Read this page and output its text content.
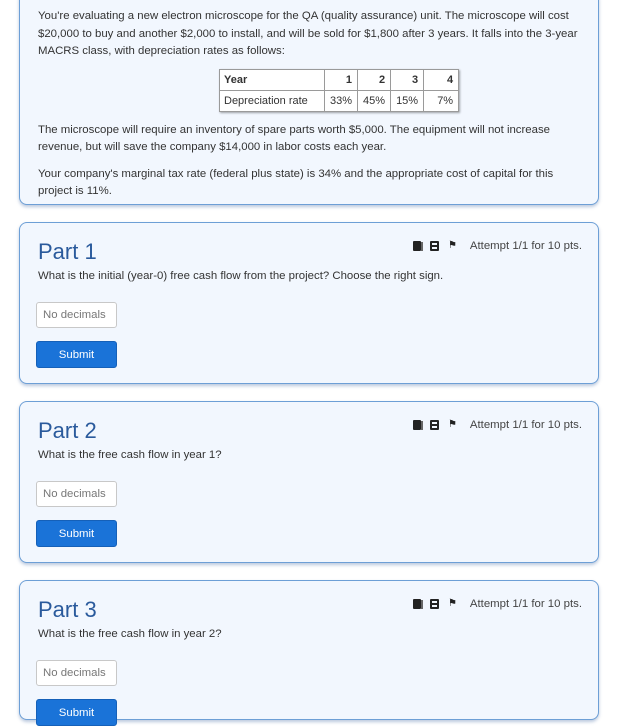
You're evaluating a new electron microscope for the QA (quality assurance) unit. The microscope will cost $20,000 to buy and another $2,000 to install, and will be sold for $1,800 after 3 years. It falls into the 3-year MACRS class, with depreciation rates as follows:

Year	1	2	3	4
Depreciation rate	33%	45%	15%	7%

The microscope will require an inventory of spare parts worth $5,000. The equipment will not increase revenue, but will save the company $14,000 in labor costs each year.

Your company's marginal tax rate (federal plus state) is 34% and the appropriate cost of capital for this project is 11%.

Part 1	⚑ Attempt 1/1 for 10 pts.

What is the initial (year-0) free cash flow from the project? Choose the right sign.

No decimals
Submit
Part 2	⚑ Attempt 1/1 for 10 pts.

What is the free cash flow in year 1?

No decimals
Submit
Part 3	⚑ Attempt 1/1 for 10 pts.

What is the free cash flow in year 2?

No decimals
Submit
